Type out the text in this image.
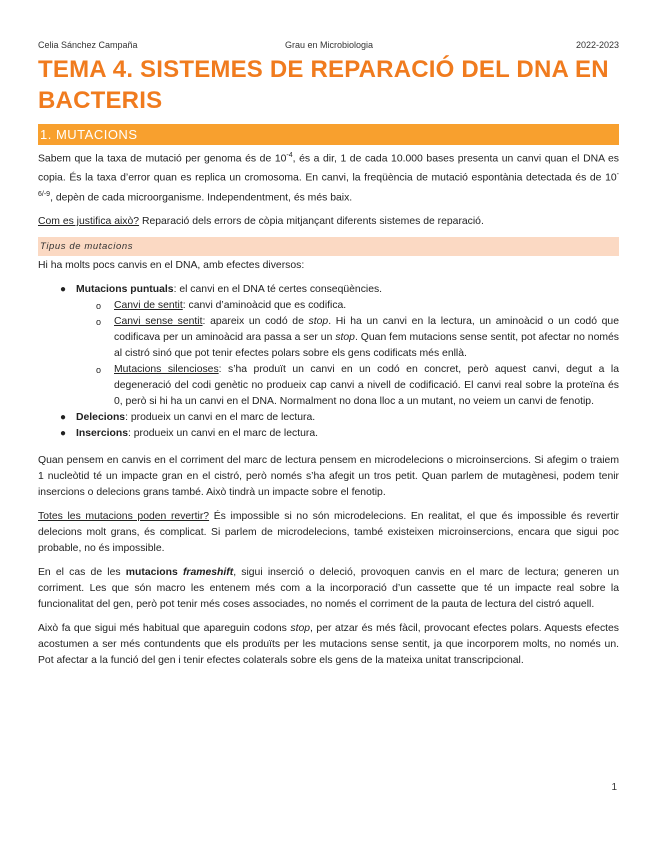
Celia Sánchez Campaña	Grau en Microbiologia	2022-2023
TEMA 4. SISTEMES DE REPARACIÓ DEL DNA EN BACTERIS
1. MUTACIONS

Sabem que la taxa de mutació per genoma és de $10^{-4}$, és a dir, 1 de cada 10.000 bases presenta un canvi quan el DNA es copia. És la taxa d’error quan es replica un cromosoma. En canvi, la freqüència de mutació espontània detectada és de $10^{-6/-9}$, depèn de cada microorganisme. Independentment, és més baix.

Com es justifica això? Reparació dels errors de còpia mitjançant diferents sistemes de reparació.

Tipus de mutacions

Hi ha molts pocs canvis en el DNA, amb efectes diversos:

● Mutacions puntuals: el canvi en el DNA té certes conseqüències.
o Canvi de sentit: canvi d’aminoàcid que es codifica.
o Canvi sense sentit: apareix un codó de stop. Hi ha un canvi en la lectura, un aminoàcid o un codó que codificava per un aminoàcid ara passa a ser un stop. Quan fem mutacions sense sentit, pot afectar no només al cistró sinó que pot tenir efectes polars sobre els gens codificats més enllà.
o Mutacions silencioses: s’ha produït un canvi en un codó en concret, però aquest canvi, degut a la degeneració del codi genètic no produeix cap canvi a nivell de codificació. El canvi real sobre la proteïna és 0, però si hi ha un canvi en el DNA. Normalment no dona lloc a un mutant, no veiem un canvi de fenotip.
● Delecions: produeix un canvi en el marc de lectura.
● Insercions: produeix un canvi en el marc de lectura.

Quan pensem en canvis en el corriment del marc de lectura pensem en microdelecions o microinsercions. Si afegim o traiem 1 nucleòtid té un impacte gran en el cistró, però només s’ha afegit un tros petit. Quan parlem de mutagènesi, podem tenir insercions o delecions grans també. Això tindrà un impacte sobre el fenotip.

Totes les mutacions poden revertir? És impossible si no són microdelecions. En realitat, el que és impossible és revertir delecions molt grans, és complicat. Si parlem de microdelecions, també existeixen microinsercions, encara que sigui poc probable, no és impossible.

En el cas de les mutacions frameshift, sigui inserció o deleció, provoquen canvis en el marc de lectura; generen un corriment. Les que són macro les entenem més com a la incorporació d’un cassette que té un impacte real sobre la funcionalitat del gen, però pot tenir més coses associades, no només el corriment de la pauta de lectura del cistró aquell.

Això fa que sigui més habitual que apareguin codons stop, per atzar és més fàcil, provocant efectes polars. Aquests efectes acostumen a ser més contundents que els produïts per les mutacions sense sentit, ja que incorporem molts, no només un. Pot afectar a la funció del gen i tenir efectes colaterals sobre els gens de la mateixa unitat transcripcional.

1
